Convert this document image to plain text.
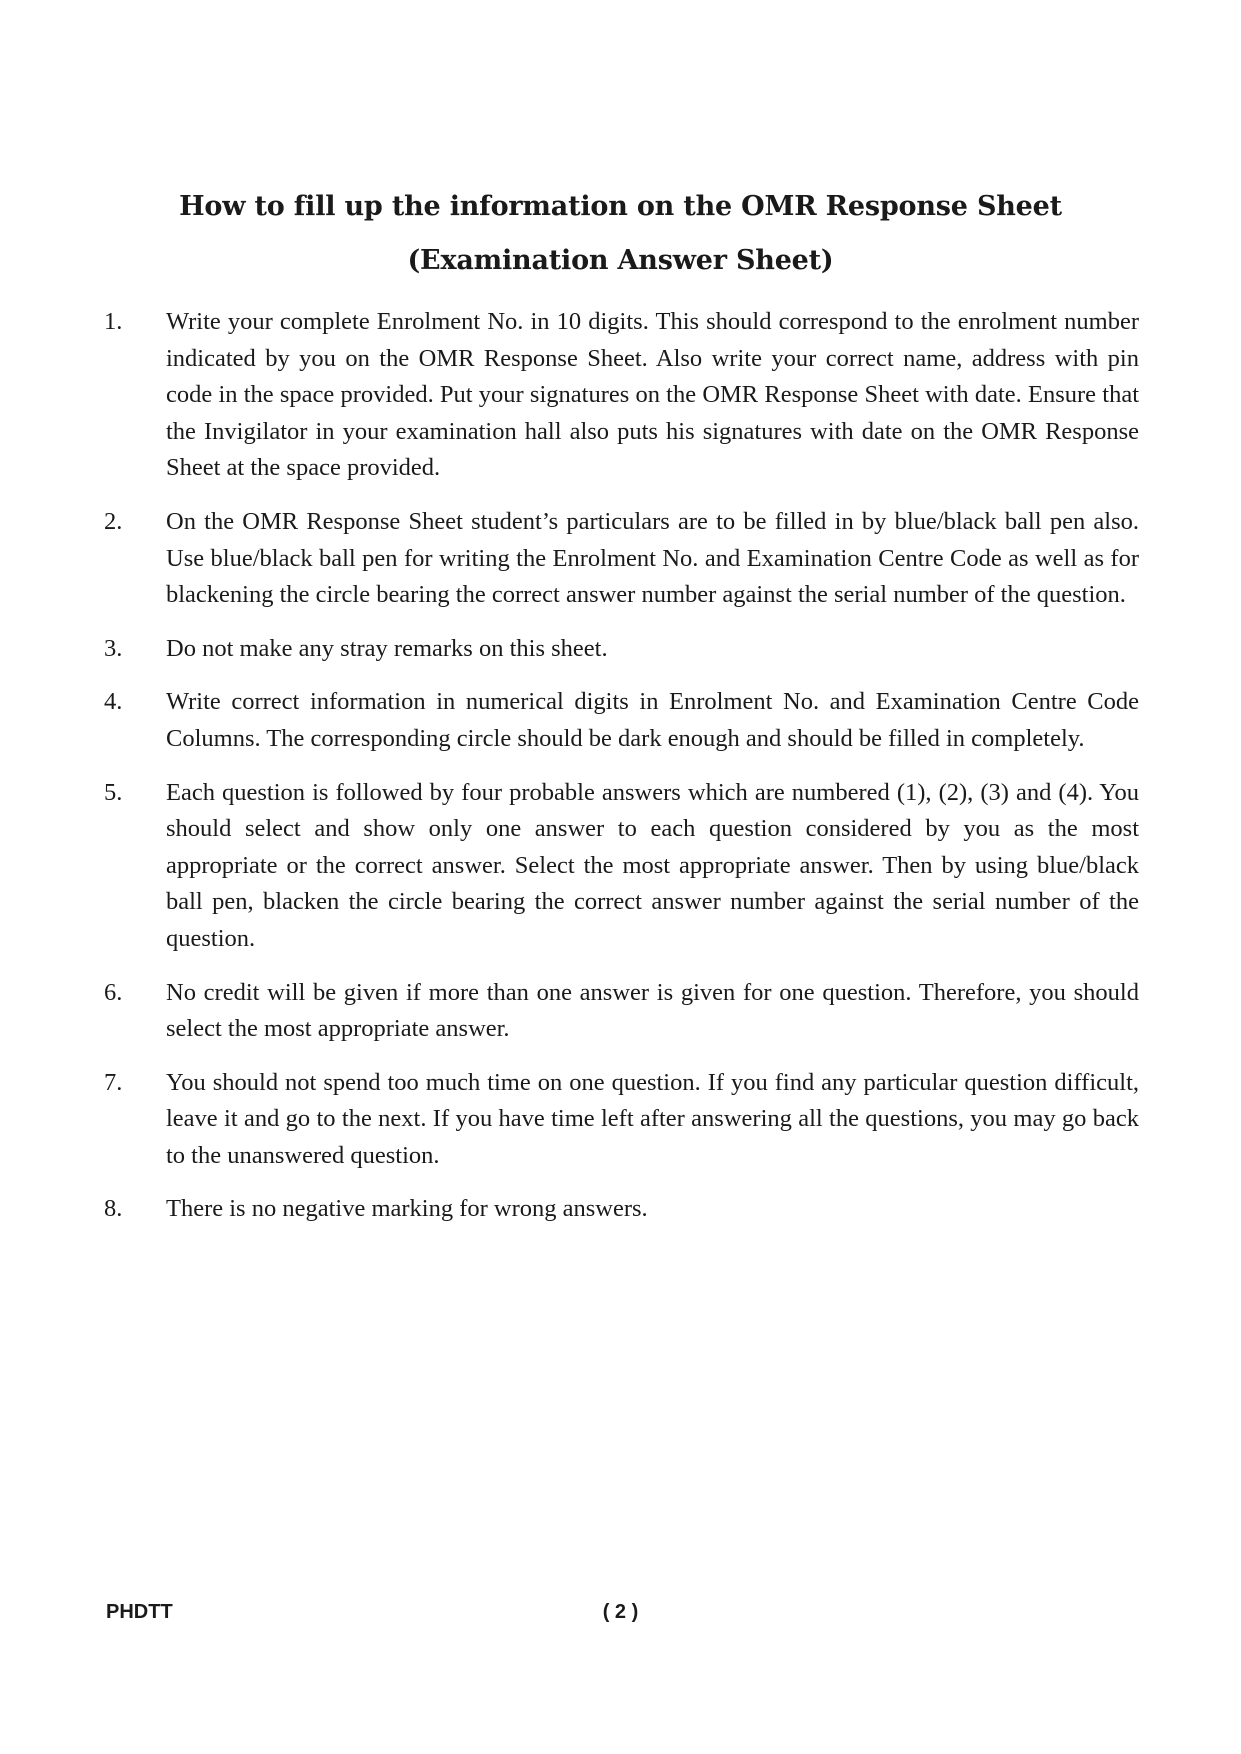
How to fill up the information on the OMR Response Sheet
(Examination Answer Sheet)
1. Write your complete Enrolment No. in 10 digits. This should correspond to the enrolment number indicated by you on the OMR Response Sheet. Also write your correct name, address with pin code in the space provided. Put your signatures on the OMR Response Sheet with date. Ensure that the Invigilator in your examination hall also puts his signatures with date on the OMR Response Sheet at the space provided.
2. On the OMR Response Sheet student’s particulars are to be filled in by blue/black ball pen also. Use blue/black ball pen for writing the Enrolment No. and Examination Centre Code as well as for blackening the circle bearing the correct answer number against the serial number of the question.
3. Do not make any stray remarks on this sheet.
4. Write correct information in numerical digits in Enrolment No. and Examination Centre Code Columns. The corresponding circle should be dark enough and should be filled in completely.
5. Each question is followed by four probable answers which are numbered (1), (2), (3) and (4). You should select and show only one answer to each question considered by you as the most appropriate or the correct answer. Select the most appropriate answer. Then by using blue/black ball pen, blacken the circle bearing the correct answer number against the serial number of the question.
6. No credit will be given if more than one answer is given for one question. Therefore, you should select the most appropriate answer.
7. You should not spend too much time on one question. If you find any particular question difficult, leave it and go to the next. If you have time left after answering all the questions, you may go back to the unanswered question.
8. There is no negative marking for wrong answers.
PHDTT	( 2 )
